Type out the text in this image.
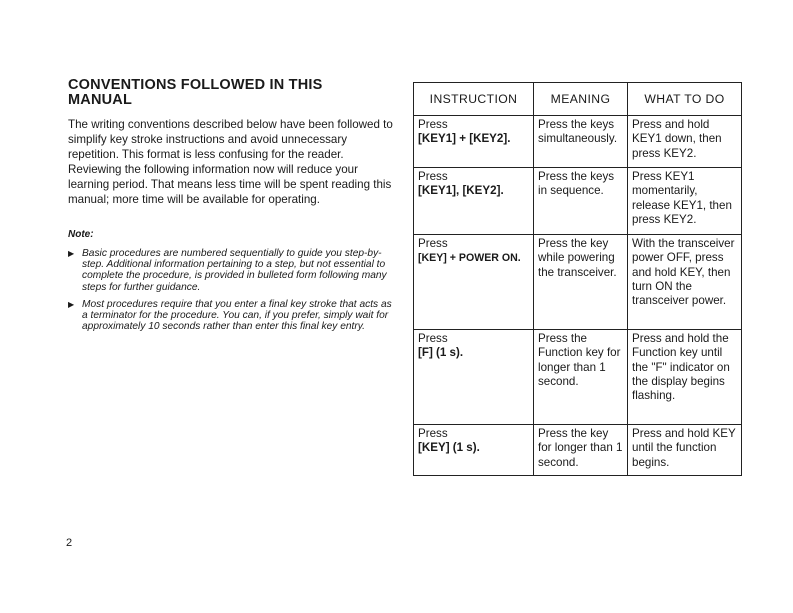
CONVENTIONS FOLLOWED IN THIS MANUAL
The writing conventions described below have been followed to simplify key stroke instructions and avoid unnecessary repetition. This format is less confusing for the reader. Reviewing the following information now will reduce your learning period. That means less time will be spent reading this manual; more time will be available for operating.
Note:
▶ Basic procedures are numbered sequentially to guide you step-by-step. Additional information pertaining to a step, but not essential to complete the procedure, is provided in bulleted form following many steps for further guidance.
▶ Most procedures require that you enter a final key stroke that acts as a terminator for the procedure. You can, if you prefer, simply wait for approximately 10 seconds rather than enter this final key entry.
INSTRUCTION	MEANING	WHAT TO DO

Press
[KEY1] + [KEY2].	Press the keys simultaneously.	Press and hold KEY1 down, then press KEY2.

Press
[KEY1], [KEY2].	Press the keys in sequence.	Press KEY1 momentarily, release KEY1, then press KEY2.

Press
[KEY] + POWER ON.	Press the key while powering the transceiver.	With the transceiver power OFF, press and hold KEY, then turn ON the transceiver power.

Press
[F] (1 s).	Press the Function key for longer than 1 second.	Press and hold the Function key until the "F" indicator on the display begins flashing.

Press
[KEY] (1 s).	Press the key for longer than 1 second.	Press and hold KEY until the function begins.
2
